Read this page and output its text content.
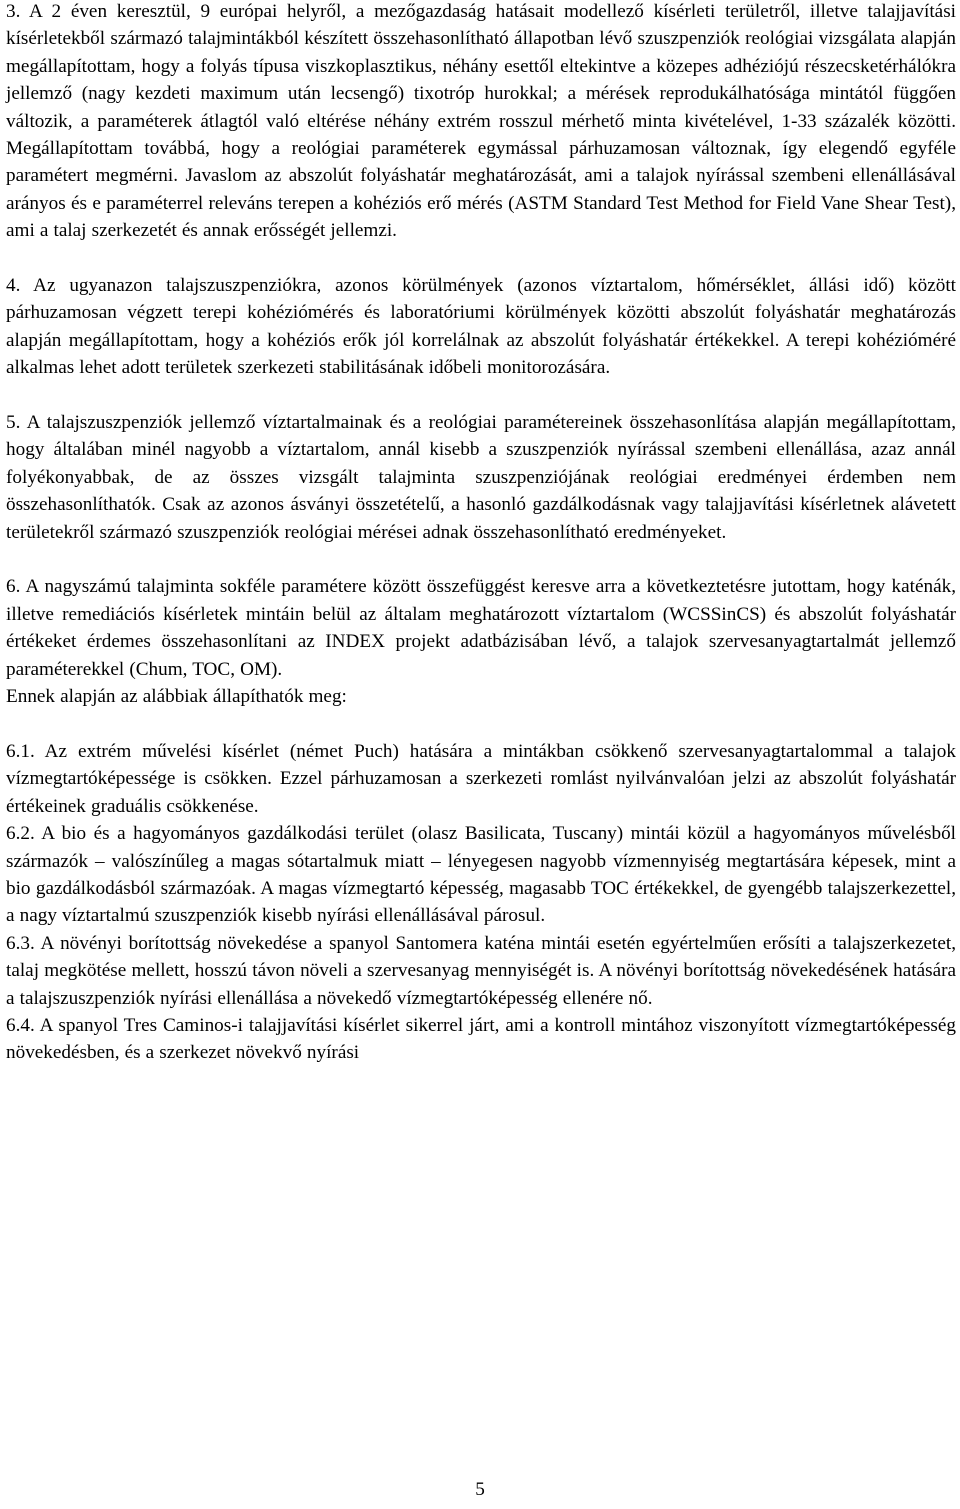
3. A 2 éven keresztül, 9 európai helyről, a mezőgazdaság hatásait modellező kísérleti területről, illetve talajjavítási kísérletekből származó talajmintákból készített összehasonlítható állapotban lévő szuszpenziók reológiai vizsgálata alapján megállapítottam, hogy a folyás típusa viszkoplasztikus, néhány esettől eltekintve a közepes adhéziójú részecsketérhálókra jellemző (nagy kezdeti maximum után lecsengő) tixotróp hurokkal; a mérések reprodukálhatósága mintától függően változik, a paraméterek átlagtól való eltérése néhány extrém rosszul mérhető minta kivételével, 1-33 százalék közötti. Megállapítottam továbbá, hogy a reológiai paraméterek egymással párhuzamosan változnak, így elegendő egyféle paramétert megmérni. Javaslom az abszolút folyáshatár meghatározását, ami a talajok nyírással szembeni ellenállásával arányos és e paraméterrel releváns terepen a kohéziós erő mérés (ASTM Standard Test Method for Field Vane Shear Test), ami a talaj szerkezetét és annak erősségét jellemzi.

4. Az ugyanazon talajszuszpenziókra, azonos körülmények (azonos víztartalom, hőmérséklet, állási idő) között párhuzamosan végzett terepi kohéziómérés és laboratóriumi körülmények közötti abszolút folyáshatár meghatározás alapján megállapítottam, hogy a kohéziós erők jól korrelálnak az abszolút folyáshatár értékekkel. A terepi kohézióméré alkalmas lehet adott területek szerkezeti stabilitásának időbeli monitorozására.

5. A talajszuszpenziók jellemző víztartalmainak és a reológiai paramétereinek összehasonlítása alapján megállapítottam, hogy általában minél nagyobb a víztartalom, annál kisebb a szuszpenziók nyírással szembeni ellenállása, azaz annál folyékonyabbak, de az összes vizsgált talajminta szuszpenziójának reológiai eredményei érdemben nem összehasonlíthatók. Csak az azonos ásványi összetételű, a hasonló gazdálkodásnak vagy talajjavítási kísérletnek alávetett területekről származó szuszpenziók reológiai mérései adnak összehasonlítható eredményeket.

6. A nagyszámú talajminta sokféle paramétere között összefüggést keresve arra a következtetésre jutottam, hogy katénák, illetve remediációs kísérletek mintáin belül az általam meghatározott víztartalom (WCSSinCS) és abszolút folyáshatár értékeket érdemes összehasonlítani az INDEX projekt adatbázisában lévő, a talajok szervesanyagtartalmát jellemző paraméterekkel (Chum, TOC, OM).

Ennek alapján az alábbiak állapíthatók meg:

6.1. Az extrém művelési kísérlet (német Puch) hatására a mintákban csökkenő szervesanyagtartalommal a talajok vízmegtartóképessége is csökken. Ezzel párhuzamosan a szerkezeti romlást nyilvánvalóan jelzi az abszolút folyáshatár értékeinek graduális csökkenése.

6.2. A bio és a hagyományos gazdálkodási terület (olasz Basilicata, Tuscany) mintái közül a hagyományos művelésből származók – valószínűleg a magas sótartalmuk miatt – lényegesen nagyobb vízmennyiség megtartására képesek, mint a bio gazdálkodásból származóak. A magas vízmegtartó képesség, magasabb TOC értékekkel, de gyengébb talajszerkezettel, a nagy víztartalmú szuszpenziók kisebb nyírási ellenállásával párosul.

6.3. A növényi borítottság növekedése a spanyol Santomera katéna mintái esetén egyértelműen erősíti a talajszerkezetet, talaj megkötése mellett, hosszú távon növeli a szervesanyag mennyiségét is. A növényi borítottság növekedésének hatására a talajszuszpenziók nyírási ellenállása a növekedő vízmegtartóképesség ellenére nő.

6.4. A spanyol Tres Caminos-i talajjavítási kísérlet sikerrel járt, ami a kontroll mintához viszonyított vízmegtartóképesség növekedésben, és a szerkezet növekvő nyírási

5
